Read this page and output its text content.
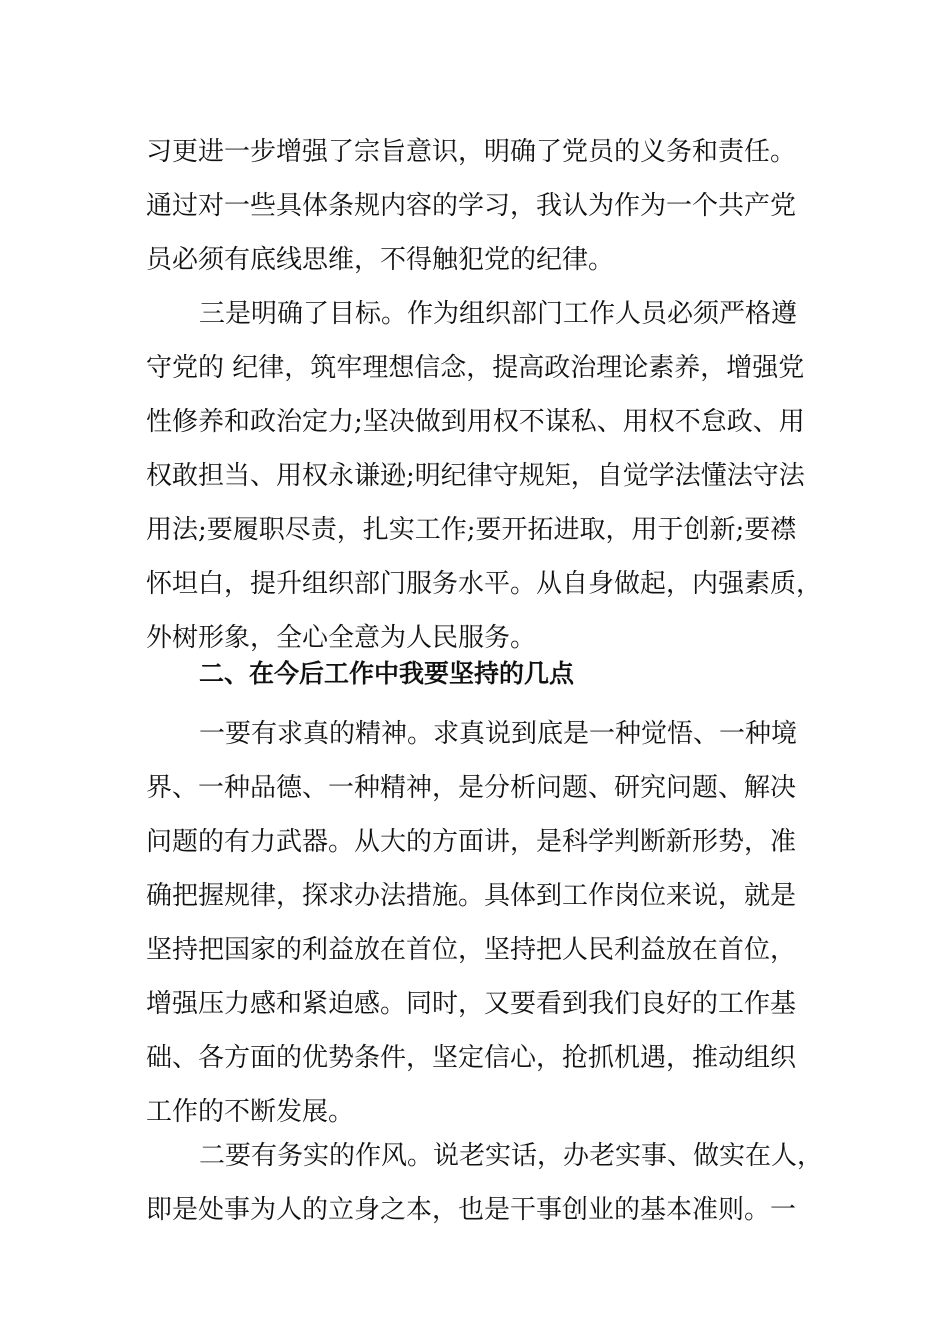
习更进一步增强了宗旨意识，明确了党员的义务和责任。
通过对一些具体条规内容的学习，我认为作为一个共产党
员必须有底线思维，不得触犯党的纪律。
三是明确了目标。作为组织部门工作人员必须严格遵
守党的 纪律，筑牢理想信念，提高政治理论素养，增强党
性修养和政治定力;坚决做到用权不谋私、用权不怠政、用
权敢担当、用权永谦逊;明纪律守规矩，自觉学法懂法守法
用法;要履职尽责，扎实工作;要开拓进取，用于创新;要襟
怀坦白，提升组织部门服务水平。从自身做起，内强素质，
外树形象，全心全意为人民服务。
二、在今后工作中我要坚持的几点
一要有求真的精神。求真说到底是一种觉悟、一种境
界、一种品德、一种精神，是分析问题、研究问题、解决
问题的有力武器。从大的方面讲，是科学判断新形势，准
确把握规律，探求办法措施。具体到工作岗位来说，就是
坚持把国家的利益放在首位，坚持把人民利益放在首位，
增强压力感和紧迫感。同时，又要看到我们良好的工作基
础、各方面的优势条件，坚定信心，抢抓机遇，推动组织
工作的不断发展。
二要有务实的作风。说老实话，办老实事、做实在人，
即是处事为人的立身之本，也是干事创业的基本准则。一
